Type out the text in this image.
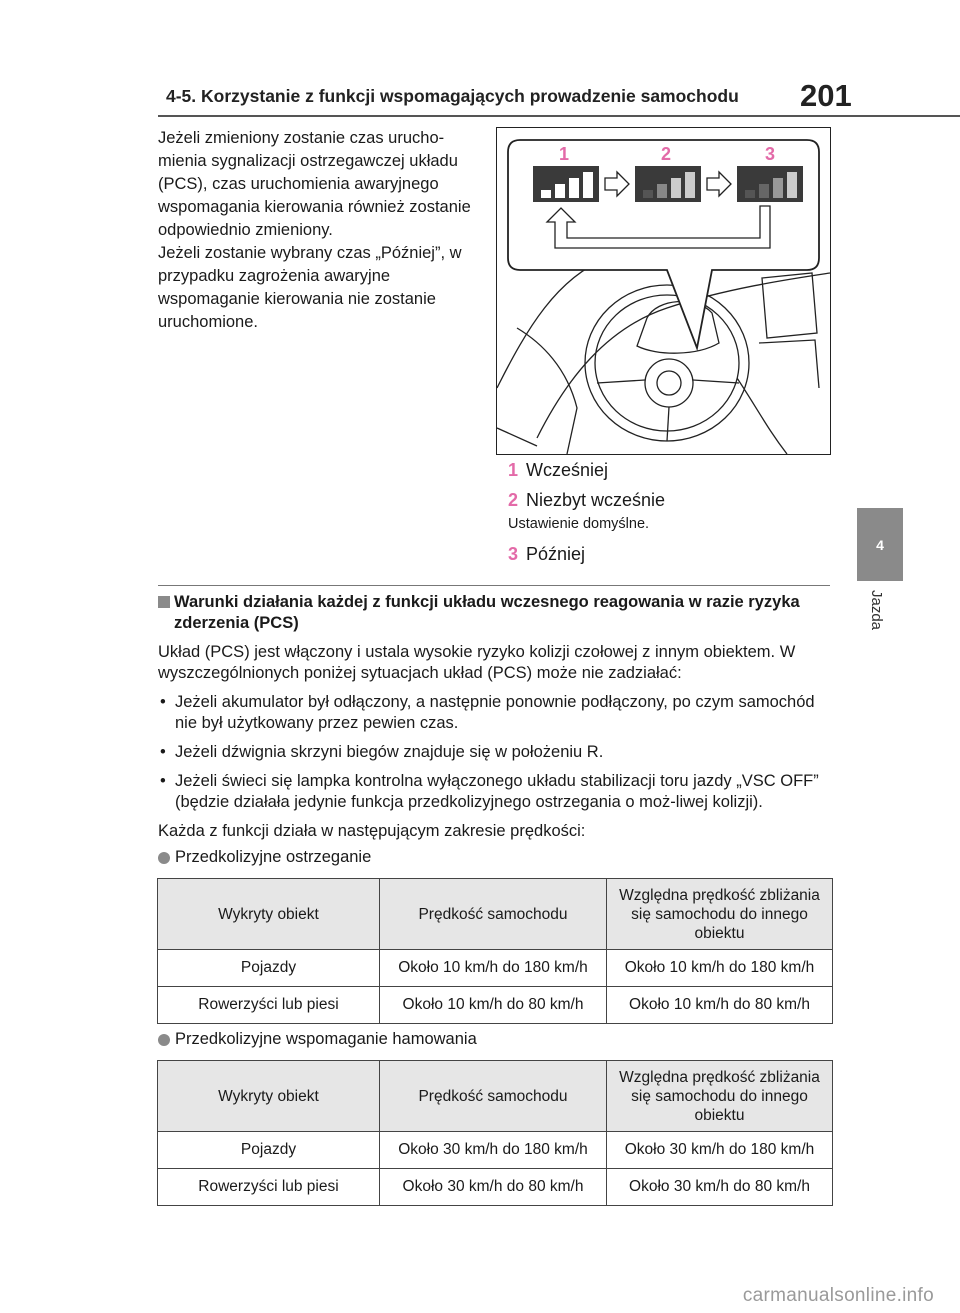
4-5. Korzystanie z funkcji wspomagających prowadzenie samochodu 201
4
Jazda

Jeżeli zmieniony zostanie czas urucho-mienia sygnalizacji ostrzegawczej układu (PCS), czas uruchomienia awaryjnego wspomagania kierowania również zostanie odpowiednio zmieniony.

Jeżeli zostanie wybrany czas „Później”, w przypadku zagrożenia awaryjne wspomaganie kierowania nie zostanie uruchomione.

1	2	3
1 Wcześniej
2 Niezbyt wcześnie
Ustawienie domyślne.
3 Później
Warunki działania każdej z funkcji układu wczesnego reagowania w razie ryzyka zderzenia (PCS)

Układ (PCS) jest włączony i ustala wysokie ryzyko kolizji czołowej z innym obiektem. W wyszczególnionych poniżej sytuacjach układ (PCS) może nie zadziałać:

• Jeżeli akumulator był odłączony, a następnie ponownie podłączony, po czym samochód nie był użytkowany przez pewien czas.
• Jeżeli dźwignia skrzyni biegów znajduje się w położeniu R.
• Jeżeli świeci się lampka kontrolna wyłączonego układu stabilizacji toru jazdy „VSC OFF” (będzie działała jedynie funkcja przedkolizyjnego ostrzegania o moż-liwej kolizji).

Każda z funkcji działa w następującym zakresie prędkości:

Przedkolizyjne ostrzeganie
Wykryty obiekt	Prędkość samochodu	Względna prędkość zbliżania się samochodu do innego obiektu
Pojazdy	Około 10 km/h do 180 km/h	Około 10 km/h do 180 km/h
Rowerzyści lub piesi	Około 10 km/h do 80 km/h	Około 10 km/h do 80 km/h
Przedkolizyjne wspomaganie hamowania
Wykryty obiekt	Prędkość samochodu	Względna prędkość zbliżania się samochodu do innego obiektu
Pojazdy	Około 30 km/h do 180 km/h	Około 30 km/h do 180 km/h
Rowerzyści lub piesi	Około 30 km/h do 80 km/h	Około 30 km/h do 80 km/h
carmanualsonline.info
